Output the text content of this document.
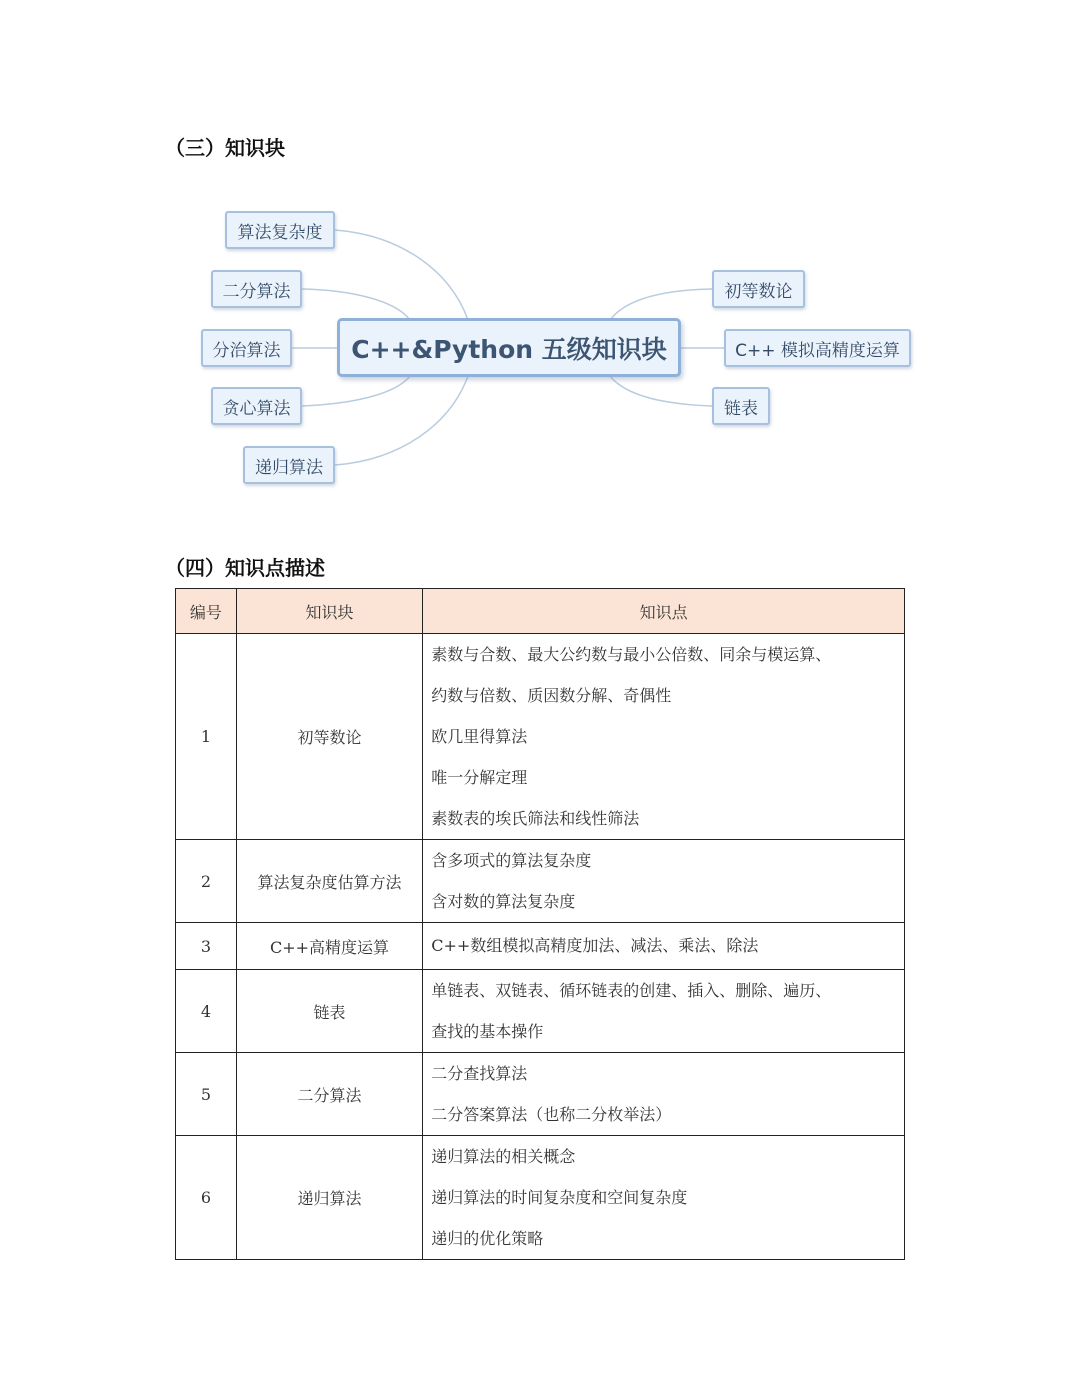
（三）知识块
算法复杂度
二分算法
分治算法
贪心算法
递归算法
C++&Python 五级知识块
初等数论
C++ 模拟高精度运算
链表
（四）知识点描述
编号	知识块	知识点
1	初等数论	素数与合数、最大公约数与最小公倍数、同余与模运算、
约数与倍数、质因数分解、奇偶性
欧几里得算法
唯一分解定理
素数表的埃氏筛法和线性筛法

2	算法复杂度估算方法	含多项式的算法复杂度
含对数的算法复杂度

3	C++高精度运算	C++数组模拟高精度加法、减法、乘法、除法

4	链表	单链表、双链表、循环链表的创建、插入、删除、遍历、
查找的基本操作

5	二分算法	二分查找算法
二分答案算法（也称二分枚举法）

6	递归算法	递归算法的相关概念
递归算法的时间复杂度和空间复杂度
递归的优化策略
